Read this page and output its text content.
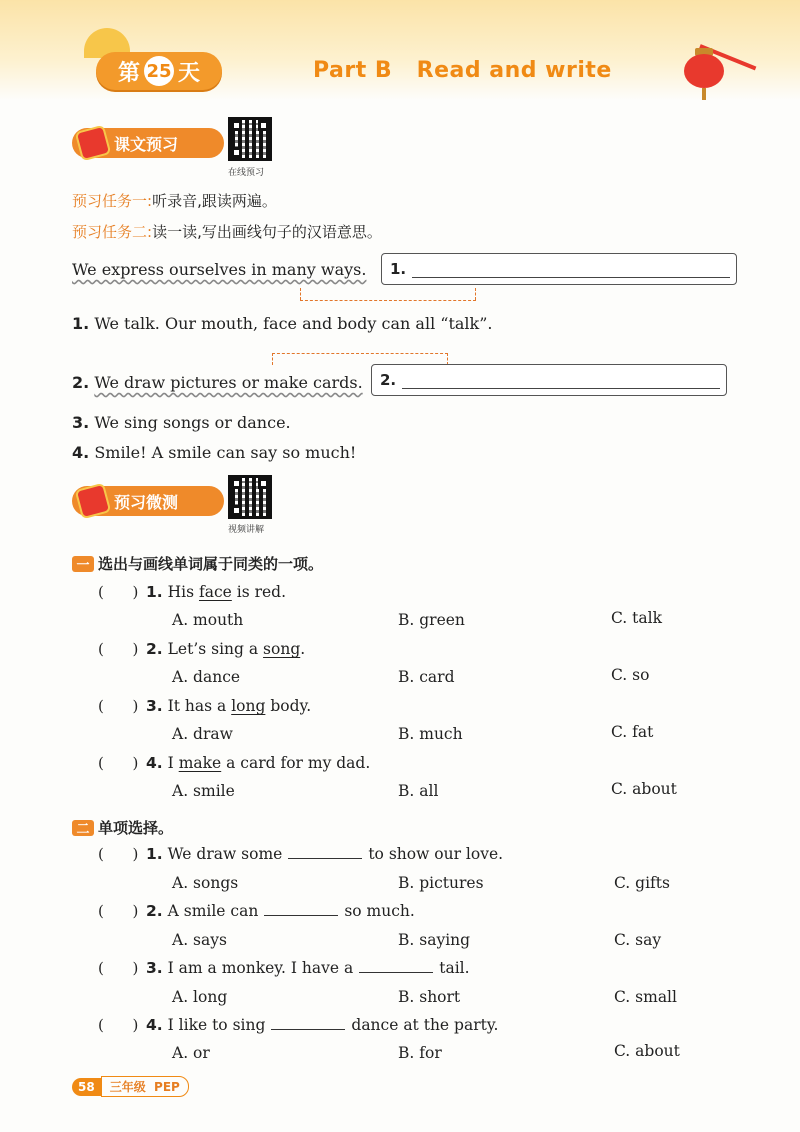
第 25 天	Part B   Read and write
课文预习
在线预习
预习任务一:听录音,跟读两遍。
预习任务二:读一读,写出画线句子的汉语意思。
We express ourselves in many ways. 1.
1. We talk. Our mouth, face and body can all “talk”.
2. We draw pictures or make cards. 2.
3. We sing songs or dance.
4. Smile! A smile can say so much!
预习微测
视频讲解
一 选出与画线单词属于同类的一项。
(      ) 1. His face is red.
A. mouth	B. green	C. talk
(      ) 2. Let’s sing a song.
A. dance	B. card	C. so
(      ) 3. It has a long body.
A. draw	B. much	C. fat
(      ) 4. I make a card for my dad.
A. smile	B. all	C. about
二 单项选择。
(      ) 1. We draw some	to show our love.
A. songs	B. pictures	C. gifts
(      ) 2. A smile can	so much.
A. says	B. saying	C. say
(      ) 3. I am a monkey. I have a	tail.
A. long	B. short	C. small
(      ) 4. I like to sing	dance at the party.
A. or	B. for	C. about
58	三年级  PEP
